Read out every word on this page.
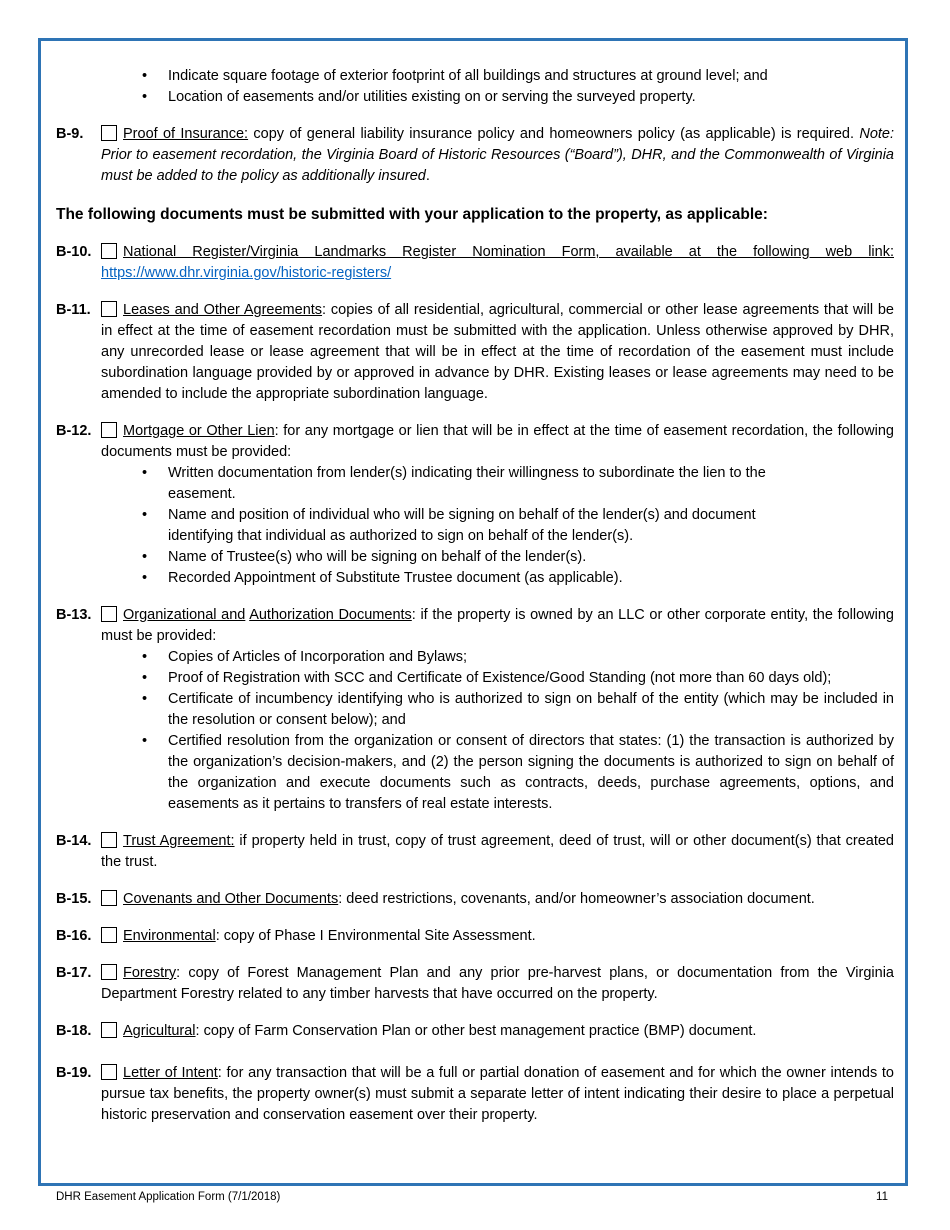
• Indicate square footage of exterior footprint of all buildings and structures at ground level; and
• Location of easements and/or utilities existing on or serving the surveyed property.
B-9.	Proof of Insurance: copy of general liability insurance policy and homeowners policy (as applicable) is required. Note: Prior to easement recordation, the Virginia Board of Historic Resources (“Board”), DHR, and the Commonwealth of Virginia must be added to the policy as additionally insured.
The following documents must be submitted with your application to the property, as applicable:
B-10. National Register/Virginia Landmarks Register Nomination Form, available at the following web link: https://www.dhr.virginia.gov/historic-registers/
B-11. Leases and Other Agreements: copies of all residential, agricultural, commercial or other lease agreements that will be in effect at the time of easement recordation must be submitted with the application. Unless otherwise approved by DHR, any unrecorded lease or lease agreement that will be in effect at the time of recordation of the easement must include subordination language provided by or approved in advance by DHR. Existing leases or lease agreements may need to be amended to include the appropriate subordination language.
B-12. Mortgage or Other Lien: for any mortgage or lien that will be in effect at the time of easement recordation, the following documents must be provided:
• Written documentation from lender(s) indicating their willingness to subordinate the lien to the easement.
• Name and position of individual who will be signing on behalf of the lender(s) and document identifying that individual as authorized to sign on behalf of the lender(s).
• Name of Trustee(s) who will be signing on behalf of the lender(s).
• Recorded Appointment of Substitute Trustee document (as applicable).
B-13. Organizational and Authorization Documents: if the property is owned by an LLC or other corporate entity, the following must be provided:
• Copies of Articles of Incorporation and Bylaws;
• Proof of Registration with SCC and Certificate of Existence/Good Standing (not more than 60 days old);
• Certificate of incumbency identifying who is authorized to sign on behalf of the entity (which may be included in the resolution or consent below); and
• Certified resolution from the organization or consent of directors that states: (1) the transaction is authorized by the organization’s decision-makers, and (2) the person signing the documents is authorized to sign on behalf of the organization and execute documents such as contracts, deeds, purchase agreements, options, and easements as it pertains to transfers of real estate interests.
B-14. Trust Agreement: if property held in trust, copy of trust agreement, deed of trust, will or other document(s) that created the trust.
B-15. Covenants and Other Documents: deed restrictions, covenants, and/or homeowner’s association document.
B-16. Environmental: copy of Phase I Environmental Site Assessment.
B-17. Forestry: copy of Forest Management Plan and any prior pre-harvest plans, or documentation from the Virginia Department Forestry related to any timber harvests that have occurred on the property.
B-18. Agricultural: copy of Farm Conservation Plan or other best management practice (BMP) document.
B-19. Letter of Intent: for any transaction that will be a full or partial donation of easement and for which the owner intends to pursue tax benefits, the property owner(s) must submit a separate letter of intent indicating their desire to place a perpetual historic preservation and conservation easement over their property.
DHR Easement Application Form (7/1/2018)	11
